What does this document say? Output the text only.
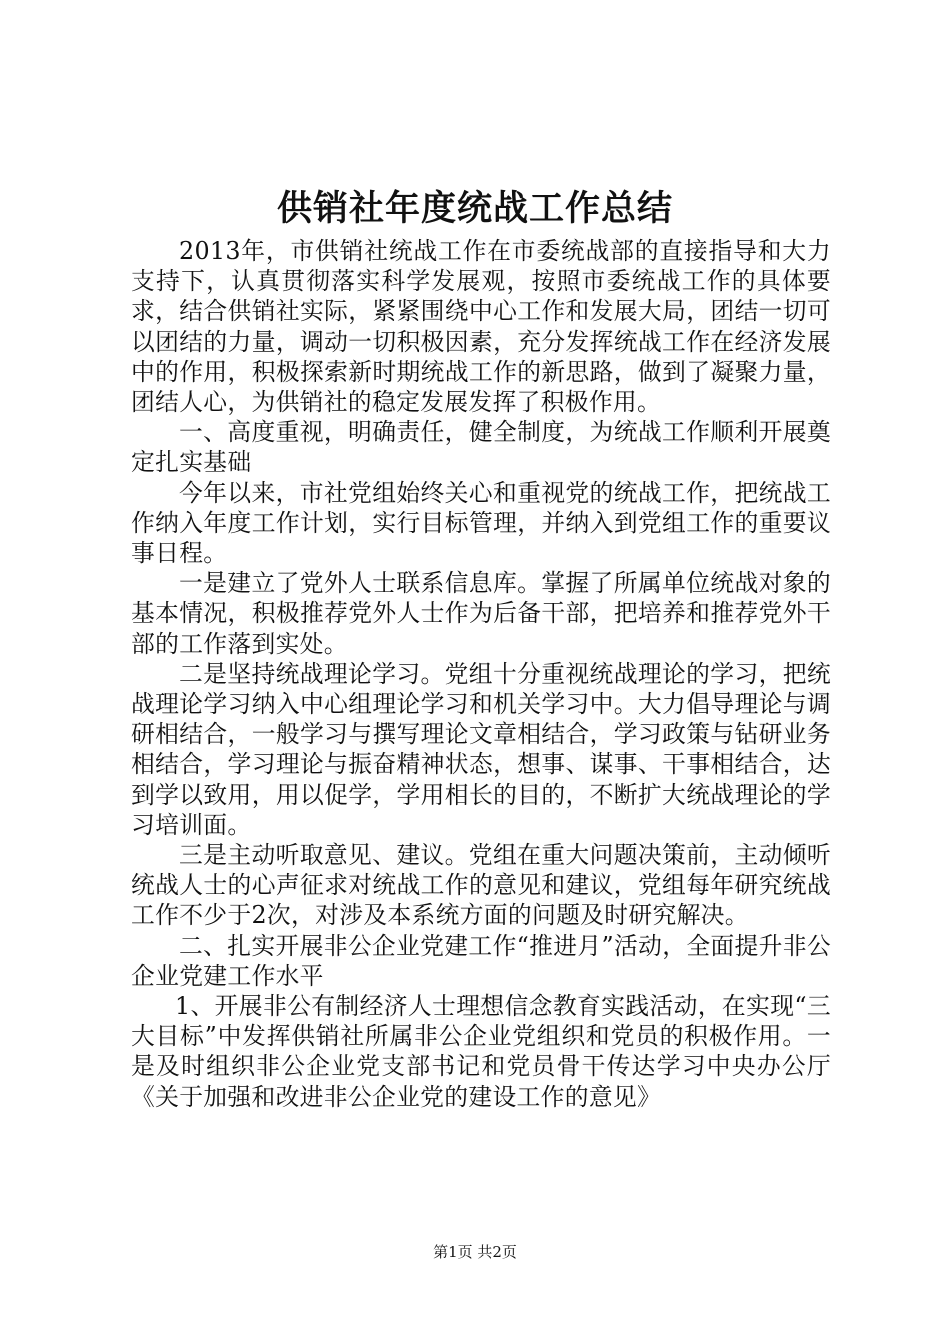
供销社年度统战工作总结

2013年，市供销社统战工作在市委统战部的直接指导和大力支持下，认真贯彻落实科学发展观，按照市委统战工作的具体要求，结合供销社实际，紧紧围绕中心工作和发展大局，团结一切可以团结的力量，调动一切积极因素，充分发挥统战工作在经济发展中的作用，积极探索新时期统战工作的新思路，做到了凝聚力量，团结人心，为供销社的稳定发展发挥了积极作用。

一、高度重视，明确责任，健全制度，为统战工作顺利开展奠定扎实基础

今年以来，市社党组始终关心和重视党的统战工作，把统战工作纳入年度工作计划，实行目标管理，并纳入到党组工作的重要议事日程。

一是建立了党外人士联系信息库。掌握了所属单位统战对象的基本情况，积极推荐党外人士作为后备干部，把培养和推荐党外干部的工作落到实处。

二是坚持统战理论学习。党组十分重视统战理论的学习，把统战理论学习纳入中心组理论学习和机关学习中。大力倡导理论与调研相结合，一般学习与撰写理论文章相结合，学习政策与钻研业务相结合，学习理论与振奋精神状态，想事、谋事、干事相结合，达到学以致用，用以促学，学用相长的目的，不断扩大统战理论的学习培训面。

三是主动听取意见、建议。党组在重大问题决策前，主动倾听统战人士的心声征求对统战工作的意见和建议，党组每年研究统战工作不少于2次，对涉及本系统方面的问题及时研究解决。

二、扎实开展非公企业党建工作“推进月”活动，全面提升非公企业党建工作水平

1、开展非公有制经济人士理想信念教育实践活动，在实现“三大目标”中发挥供销社所属非公企业党组织和党员的积极作用。一是及时组织非公企业党支部书记和党员骨干传达学习中央办公厅《关于加强和改进非公企业党的建设工作的意见》

第1页 共2页
